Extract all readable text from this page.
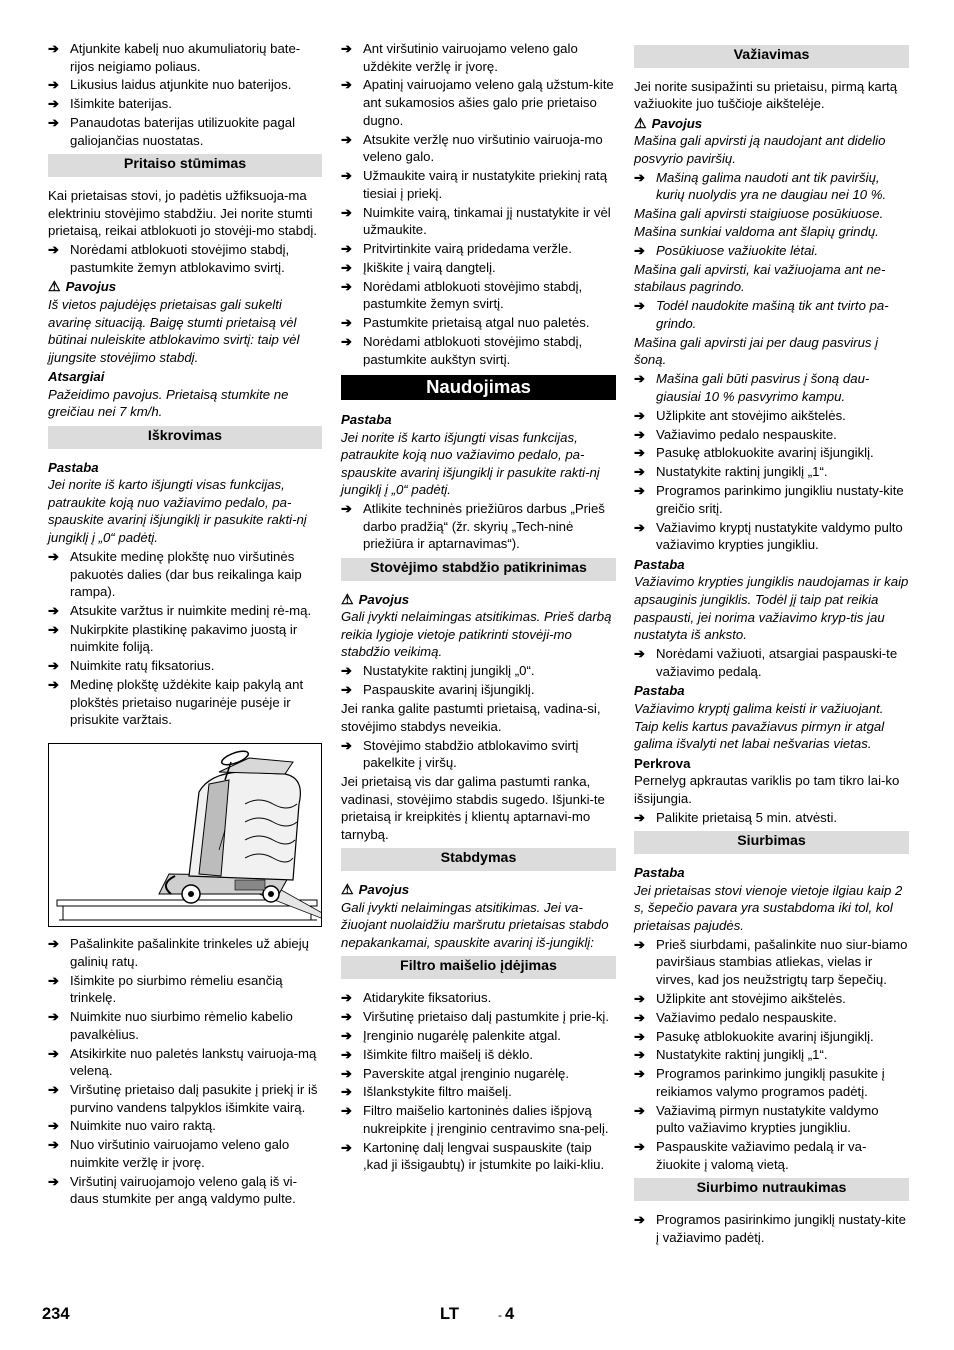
➔ Atjunkite kabelį nuo akumuliatorių bate-rijos neigiamo poliaus.
➔ Likusius laidus atjunkite nuo baterijos.
➔ Išimkite baterijas.
➔ Panaudotas baterijas utilizuokite pagal galiojančias nuostatas.
Pritaiso stūmimas

Kai prietaisas stovi, jo padėtis užfiksuoja-ma elektriniu stovėjimo stabdžiu. Jei norite stumti prietaisą, reikai atblokuoti jo stovėji-mo stabdį.

➔ Norėdami atblokuoti stovėjimo stabdį, pastumkite žemyn atblokavimo svirtį.
⚠ Pavojus

Iš vietos pajudėjęs prietaisas gali sukelti avarinę situaciją. Baigę stumti prietaisą vėl būtinai nuleiskite atblokavimo svirtį: taip vėl įjungsite stovėjimo stabdį.

Atsargiai

Pažeidimo pavojus. Prietaisą stumkite ne greičiau nei 7 km/h.

Iškrovimas
Pastaba

Jei norite iš karto išjungti visas funkcijas, patraukite koją nuo važiavimo pedalo, pa-spauskite avarinį išjungiklį ir pasukite rakti-nį jungiklį į „0“ padėtį.

➔ Atsukite medinę plokštę nuo viršutinės pakuotės dalies (dar bus reikalinga kaip rampa).
➔ Atsukite varžtus ir nuimkite medinį rė-mą.
➔ Nukirpkite plastikinę pakavimo juostą ir nuimkite foliją.
➔ Nuimkite ratų fiksatorius.
➔ Medinę plokštę uždėkite kaip pakylą ant plokštės prietaiso nugarinėje pusėje ir prisukite varžtais.
➔ Pašalinkite pašalinkite trinkeles už abiejų galinių ratų.
➔ Išimkite po siurbimo rėmeliu esančią trinkelę.
➔ Nuimkite nuo siurbimo rėmelio kabelio pavalkėlius.
➔ Atsikirkite nuo paletės lankstų vairuoja-mą veleną.
➔ Viršutinę prietaiso dalį pasukite į priekį ir iš purvino vandens talpyklos išimkite vairą.
➔ Nuimkite nuo vairo raktą.
➔ Nuo viršutinio vairuojamo veleno galo nuimkite veržlę ir įvorę.
➔ Viršutinį vairuojamojo veleno galą iš vi-daus stumkite per angą valdymo pulte.
➔ Ant viršutinio vairuojamo veleno galo uždėkite veržlę ir įvorę.
➔ Apatinį vairuojamo veleno galą užstum-kite ant sukamosios ašies galo prie prietaiso dugno.
➔ Atsukite veržlę nuo viršutinio vairuoja-mo veleno galo.
➔ Užmaukite vairą ir nustatykite priekinį ratą tiesiai į priekį.
➔ Nuimkite vairą, tinkamai jį nustatykite ir vėl užmaukite.
➔ Pritvirtinkite vairą pridedama veržle.
➔ Įkiškite į vairą dangtelį.
➔ Norėdami atblokuoti stovėjimo stabdį, pastumkite žemyn svirtį.
➔ Pastumkite prietaisą atgal nuo paletės.
➔ Norėdami atblokuoti stovėjimo stabdį, pastumkite aukštyn svirtį.
Naudojimas
Pastaba

Jei norite iš karto išjungti visas funkcijas, patraukite koją nuo važiavimo pedalo, pa-spauskite avarinį išjungiklį ir pasukite rakti-nį jungiklį į „0“ padėtį.

➔ Atlikite techninės priežiūros darbus „Prieš darbo pradžią“ (žr. skyrių „Tech-ninė priežiūra ir aptarnavimas“).
Stovėjimo stabdžio patikrinimas
⚠ Pavojus

Gali įvykti nelaimingas atsitikimas. Prieš darbą reikia lygioje vietoje patikrinti stovėji-mo stabdžio veikimą.

➔ Nustatykite raktinį jungiklį „0“.
➔ Paspauskite avarinį išjungiklį.

Jei ranka galite pastumti prietaisą, vadina-si, stovėjimo stabdys neveikia.

➔ Stovėjimo stabdžio atblokavimo svirtį pakelkite į viršų.

Jei prietaisą vis dar galima pastumti ranka, vadinasi, stovėjimo stabdis sugedo. Išjunki-te prietaisą ir kreipkitės į klientų aptarnavi-mo tarnybą.

Stabdymas
⚠ Pavojus

Gali įvykti nelaimingas atsitikimas. Jei va-žiuojant nuolaidžiu maršrutu prietaisas stabdo nepakankamai, spauskite avarinį iš-jungiklį:

Filtro maišelio įdėjimas
➔ Atidarykite fiksatorius.
➔ Viršutinę prietaiso dalį pastumkite į prie-kį.
➔ Įrenginio nugarėlę palenkite atgal.
➔ Išimkite filtro maišelį iš dėklo.
➔ Paverskite atgal įrenginio nugarėlę.
➔ Išlankstykite filtro maišelį.
➔ Filtro maišelio kartoninės dalies išpjovą nukreipkite į įrenginio centravimo sna-pelį.
➔ Kartoninę dalį lengvai suspauskite (taip ,kad ji išsigaubtų) ir įstumkite po laiki-kliu.
Važiavimas

Jei norite susipažinti su prietaisu, pirmą kartą važiuokite juo tuščioje aikštelėje.

⚠ Pavojus

Mašina gali apvirsti ją naudojant ant didelio posvyrio paviršių.

➔ Mašiną galima naudoti ant tik paviršių, kurių nuolydis yra ne daugiau nei 10 %.

Mašina gali apvirsti staigiuose posūkiuose. Mašina sunkiai valdoma ant šlapių grindų.

➔ Posūkiuose važiuokite lėtai.

Mašina gali apvirsti, kai važiuojama ant ne-stabilaus pagrindo.

➔ Todėl naudokite mašiną tik ant tvirto pa-grindo.

Mašina gali apvirsti jai per daug pasvirus į šoną.

➔ Mašina gali būti pasvirus į šoną dau-giausiai 10 % pasvyrimo kampu.
➔ Užlipkite ant stovėjimo aikštelės.
➔ Važiavimo pedalo nespauskite.
➔ Pasukę atblokuokite avarinį išjungiklį.
➔ Nustatykite raktinį jungiklį „1“.
➔ Programos parinkimo jungikliu nustaty-kite greičio sritį.
➔ Važiavimo kryptį nustatykite valdymo pulto važiavimo krypties jungikliu.
Pastaba

Važiavimo krypties jungiklis naudojamas ir kaip apsauginis jungiklis. Todėl jį taip pat reikia paspausti, jei norima važiavimo kryp-tis jau nustatyta iš anksto.

➔ Norėdami važiuoti, atsargiai paspauski-te važiavimo pedalą.
Pastaba

Važiavimo kryptį galima keisti ir važiuojant. Taip kelis kartus pavažiavus pirmyn ir atgal galima išvalyti net labai nešvarias vietas.

Perkrova

Pernelyg apkrautas variklis po tam tikro lai-ko išsijungia.

➔ Palikite prietaisą 5 min. atvėsti.
Siurbimas
Pastaba

Jei prietaisas stovi vienoje vietoje ilgiau kaip 2 s, šepečio pavara yra sustabdoma iki tol, kol prietaisas pajudės.

➔ Prieš siurbdami, pašalinkite nuo siur-biamo paviršiaus stambias atliekas, vielas ir virves, kad jos neužstrigtų tarp šepečių.
➔ Užlipkite ant stovėjimo aikštelės.
➔ Važiavimo pedalo nespauskite.
➔ Pasukę atblokuokite avarinį išjungiklį.
➔ Nustatykite raktinį jungiklį „1“.
➔ Programos parinkimo jungiklį pasukite į reikiamos valymo programos padėtį.
➔ Važiavimą pirmyn nustatykite valdymo pulto važiavimo krypties jungikliu.
➔ Paspauskite važiavimo pedalą ir va-žiuokite į valomą vietą.
Siurbimo nutraukimas
➔ Programos pasirinkimo jungiklį nustaty-kite į važiavimo padėtį.
234	LT	- 4
